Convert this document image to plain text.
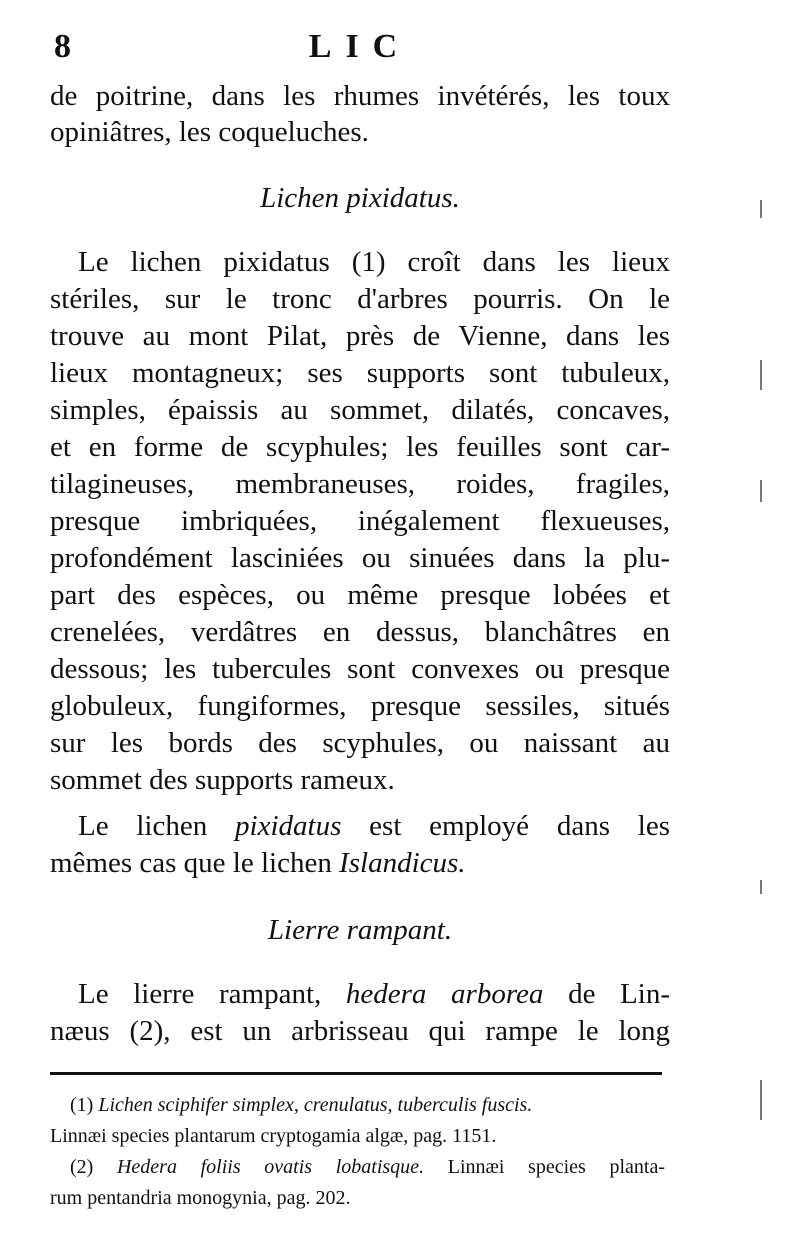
8	LIC
de poitrine, dans les rhumes invétérés, les toux
opiniâtres, les coqueluches.
Lichen pixidatus.
Le lichen pixidatus (1) croît dans les lieux
stériles, sur le tronc d'arbres pourris. On le
trouve au mont Pilat, près de Vienne, dans les
lieux montagneux; ses supports sont tubuleux,
simples, épaissis au sommet, dilatés, concaves,
et en forme de scyphules; les feuilles sont car-
tilagineuses, membraneuses, roides, fragiles,
presque imbriquées, inégalement flexueuses,
profondément lasciniées ou sinuées dans la plu-
part des espèces, ou même presque lobées et
crenelées, verdâtres en dessus, blanchâtres en
dessous; les tubercules sont convexes ou presque
globuleux, fungiformes, presque sessiles, situés
sur les bords des scyphules, ou naissant au
sommet des supports rameux.
Le lichen pixidatus est employé dans les
mêmes cas que le lichen Islandicus.
Lierre rampant.
Le lierre rampant, hedera arborea de Lin-
næus (2), est un arbrisseau qui rampe le long
(1) Lichen sciphifer simplex, crenulatus, tuberculis fuscis.
Linnæi species plantarum cryptogamia algæ, pag. 1151.
(2) Hedera foliis ovatis lobatisque. Linnæi species planta-
rum pentandria monogynia, pag. 202.
